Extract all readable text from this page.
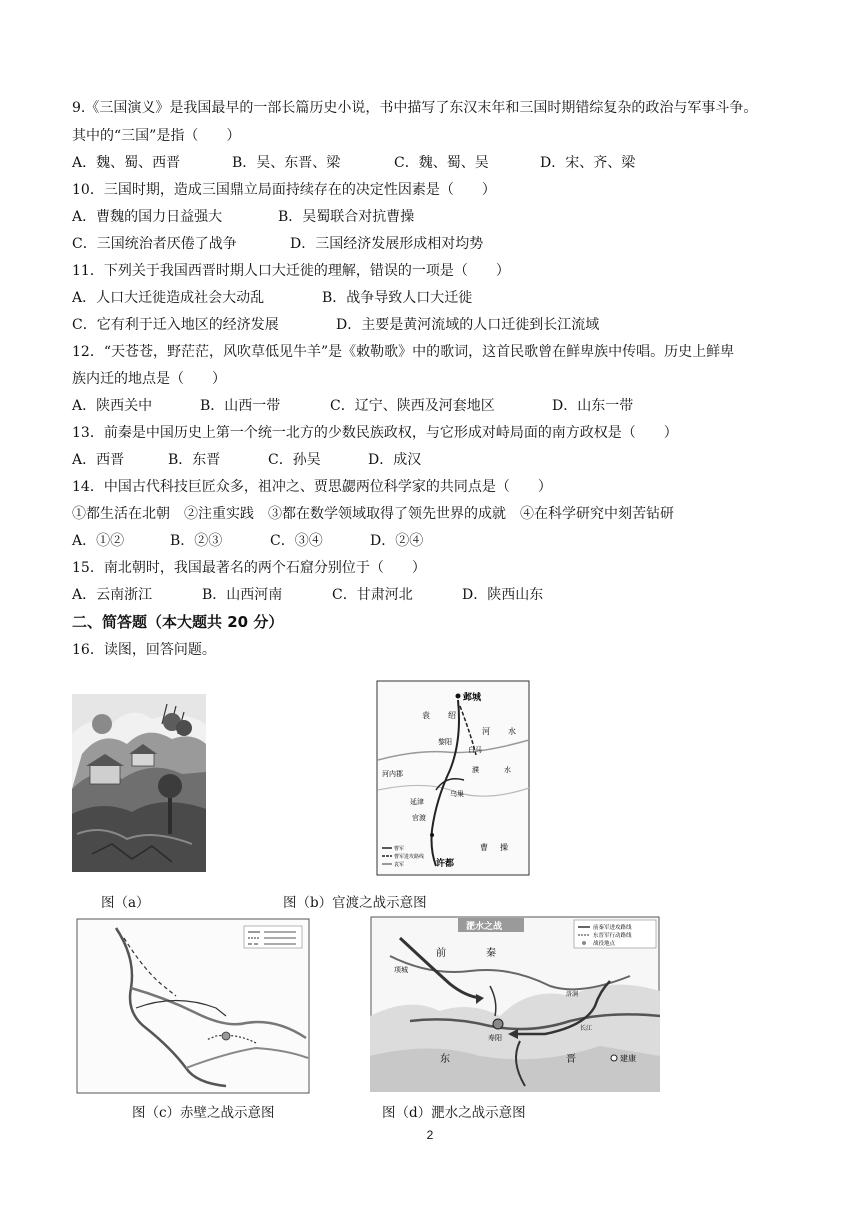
9.《三国演义》是我国最早的一部长篇历史小说，书中描写了东汉末年和三国时期错综复杂的政治与军事斗争。
其中的“三国”是指（　　）
A．魏、蜀、西晋	B．吴、东晋、梁	C．魏、蜀、吴	D．宋、齐、梁
10．三国时期，造成三国鼎立局面持续存在的决定性因素是（　　）
A．曹魏的国力日益强大	B．吴蜀联合对抗曹操
C．三国统治者厌倦了战争	D．三国经济发展形成相对均势
11．下列关于我国西晋时期人口大迁徙的理解，错误的一项是（　　）
A．人口大迁徙造成社会大动乱	B．战争导致人口大迁徙
C．它有利于迁入地区的经济发展	D．主要是黄河流域的人口迁徙到长江流域
12．“天苍苍，野茫茫，风吹草低见牛羊”是《敕勒歌》中的歌词，这首民歌曾在鲜卑族中传唱。历史上鲜卑
族内迁的地点是（　　）
A．陕西关中	B．山西一带	C．辽宁、陕西及河套地区	D．山东一带
13．前秦是中国历史上第一个统一北方的少数民族政权，与它形成对峙局面的南方政权是（　　）
A．西晋	B．东晋	C．孙吴	D．成汉
14．中国古代科技巨匠众多，祖冲之、贾思勰两位科学家的共同点是（　　）
①都生活在北朝　②注重实践　③都在数学领域取得了领先世界的成就　④在科学研究中刻苦钻研
A．①②	B．②③	C．③④	D．②④
15．南北朝时，我国最著名的两个石窟分别位于（　　）
A．云南浙江	B．山西河南	C．甘肃河北	D．陕西山东
二、简答题（本大题共 20 分）
16．读图，回答问题。
图（a）
邺城
袁 绍
河 水
黎阳
白马
河内郡	濮	水
延津
乌巢
官渡
曹 操
许都
曹军
曹军进攻路线
袁军
图（b）官渡之战示意图
图（c）赤壁之战示意图
淝水之战
前	秦
项城
寿阳
东	晋	建康
洛涧
长江
前秦军进攻路线
东晋军行动路线
战役地点
图（d）淝水之战示意图
2
